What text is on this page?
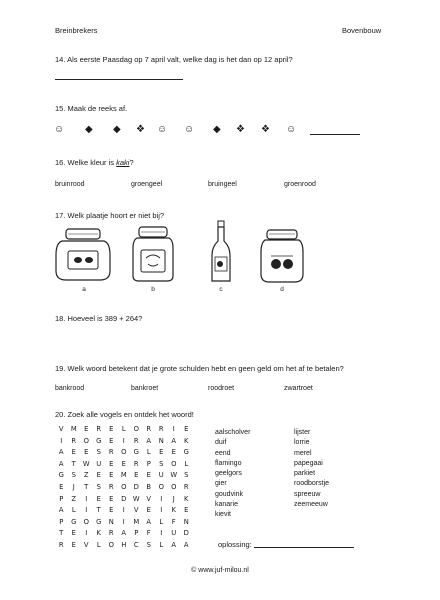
Breinbrekers	Bovenbouw
14. Als eerste Paasdag op 7 april valt, welke dag is het dan op 12 april?
15. Maak de reeks af.
☺ ◆ ◆ ❖ ☺ ☺ ◆ ❖ ❖ ☺
16. Welke kleur is kaki?
bruinrood	groengeel	bruingeel	groenrood
17. Welk plaatje hoort er niet bij?
a	b	c	d
18. Hoeveel is 389 + 264?
19. Welk woord betekent dat je grote schulden hebt en geen geld om het af te betalen?
bankrood	bankroet	roodroet	zwartroet
20. Zoek alle vogels en ontdek het woord!
V	M	E	R	E	L	O	R	R	I	E
I	R	O	G	E	I	R	A	N	A	K
A	E	E	S	R	O	G	L	E	E	G
A	T	W U	E	E	R	P	S	O	L
G	S	Z	E	E	M	E	E	U W	S
E	J	T	S	R	O	D	B	O	O	R
P	Z	I	E	E	D W	V	I	J	K
A	L	I	T	E	I	V	E	I	K	E
P	G	O	G	N	I	M	A	L	F	N
T	E	I	K	R	A	P	F	I	U	D
R	E	V	L	O	H	C	S	L	A	A
aalscholver
duif
eend
flamingo
geelgors
gier
goudvink
kanarie
kievit
lijster
lorrie
merel
papegaai
parkiet
roodborstje
spreeuw
zeemeeuw
oplossing:
© www.juf-milou.nl
